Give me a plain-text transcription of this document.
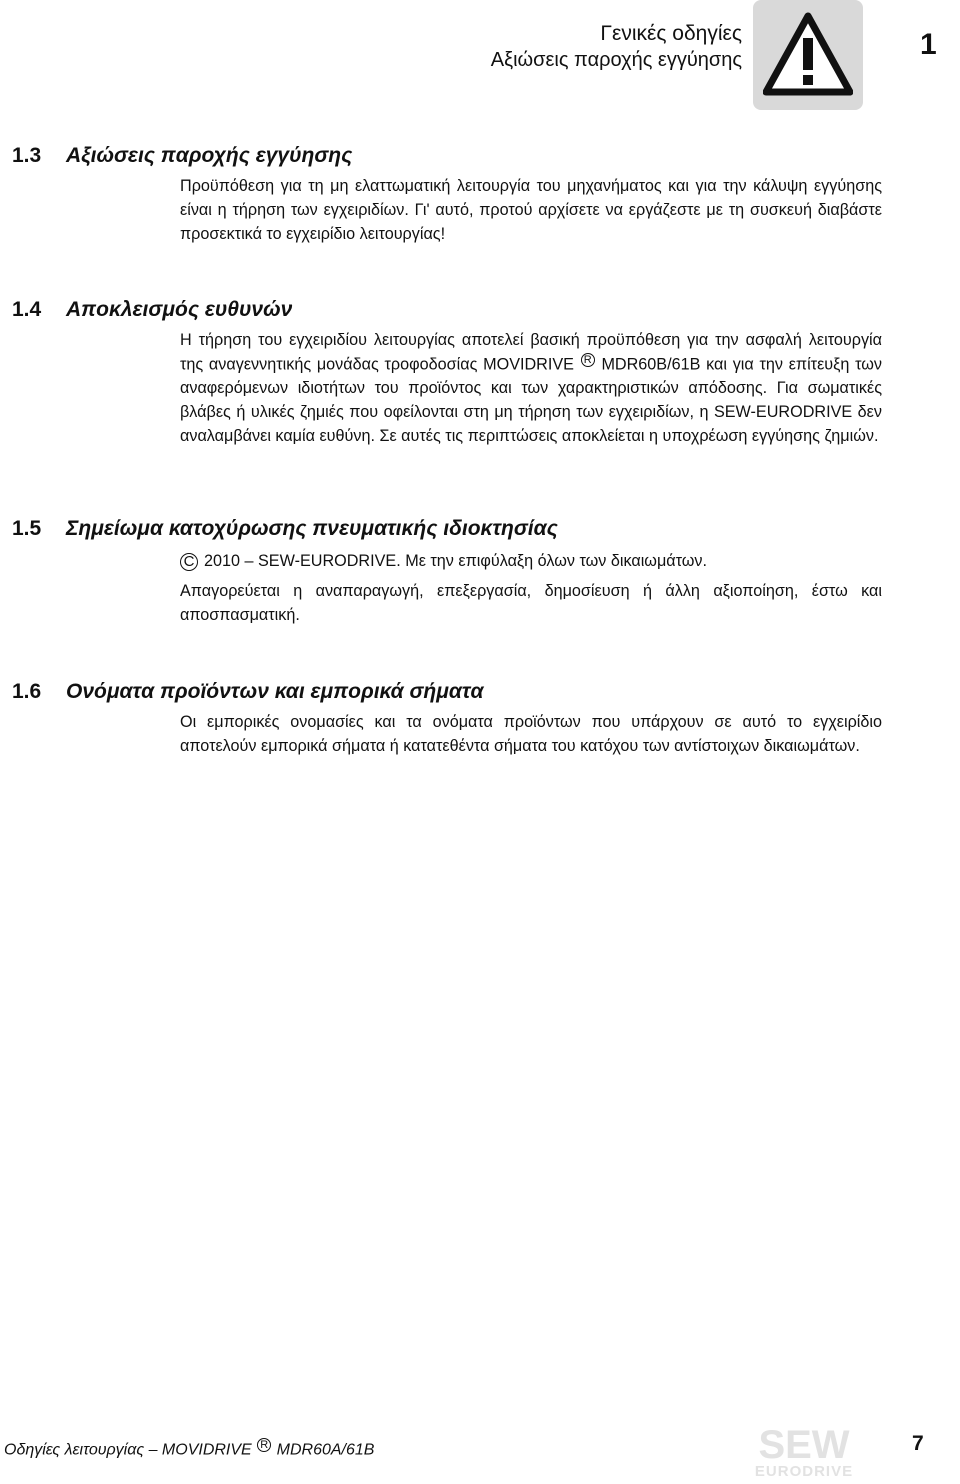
Γενικές οδηγίες
Αξιώσεις παροχής εγγύησης	1
1.3 Αξιώσεις παροχής εγγύησης

Προϋπόθεση για τη μη ελαττωματική λειτουργία του μηχανήματος και για την κάλυψη εγγύησης είναι η τήρηση των εγχειριδίων. Γι' αυτό, προτού αρχίσετε να εργάζεστε με τη συσκευή διαβάστε προσεκτικά το εγχειρίδιο λειτουργίας!

1.4 Αποκλεισμός ευθυνών

Η τήρηση του εγχειριδίου λειτουργίας αποτελεί βασική προϋπόθεση για την ασφαλή λειτουργία της αναγεννητικής μονάδας τροφοδοσίας MOVIDRIVE R MDR60B/61B και για την επίτευξη των αναφερόμενων ιδιοτήτων του προϊόντος και των χαρακτηριστικών απόδοσης. Για σωματικές βλάβες ή υλικές ζημιές που οφείλονται στη μη τήρηση των εγχειριδίων, η SEW-EURODRIVE δεν αναλαμβάνει καμία ευθύνη. Σε αυτές τις περιπτώσεις αποκλείεται η υποχρέωση εγγύησης ζημιών.

1.5 Σημείωμα κατοχύρωσης πνευματικής ιδιοκτησίας

C 2010 – SEW-EURODRIVE. Με την επιφύλαξη όλων των δικαιωμάτων.

Απαγορεύεται η αναπαραγωγή, επεξεργασία, δημοσίευση ή άλλη αξιοποίηση, έστω και αποσπασματική.

1.6 Ονόματα προϊόντων και εμπορικά σήματα

Οι εμπορικές ονομασίες και τα ονόματα προϊόντων που υπάρχουν σε αυτό το εγχειρίδιο αποτελούν εμπορικά σήματα ή κατατεθέντα σήματα του κατόχου των αντίστοιχων δικαιωμάτων.

Οδηγίες λειτουργίας – MOVIDRIVE R MDR60A/61B	SEW
EURODRIVE
7
